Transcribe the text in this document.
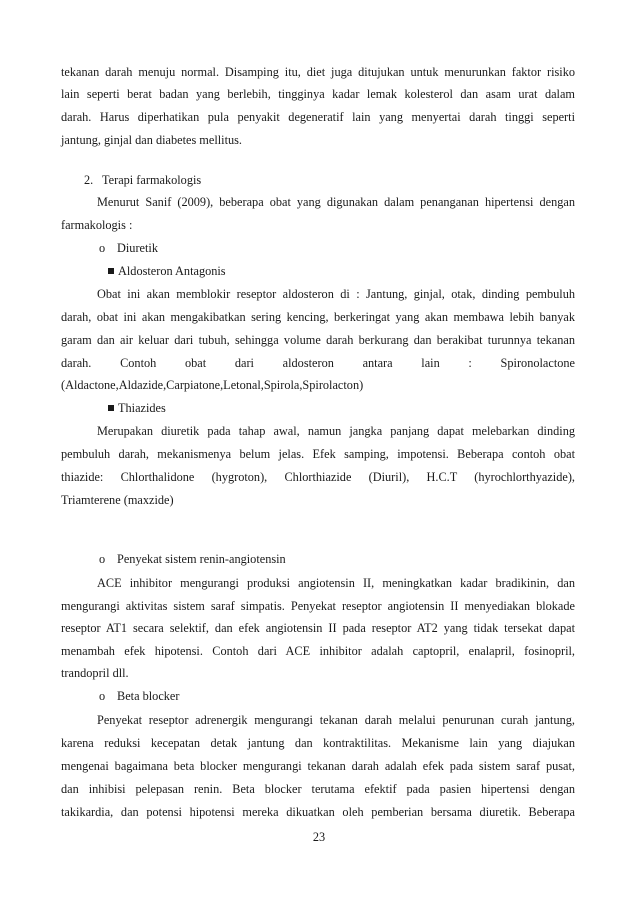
tekanan darah menuju normal. Disamping itu, diet juga ditujukan untuk menurunkan faktor risiko
lain seperti berat badan yang berlebih, tingginya kadar lemak kolesterol dan asam urat dalam
darah. Harus diperhatikan pula penyakit degeneratif lain yang menyertai darah tinggi seperti
jantung, ginjal dan diabetes mellitus.
2. Terapi farmakologis
Menurut Sanif (2009), beberapa obat yang digunakan dalam penanganan hipertensi dengan
farmakologis :
o Diuretik
Aldosteron Antagonis
Obat ini akan memblokir reseptor aldosteron di : Jantung, ginjal, otak, dinding pembuluh
darah, obat ini akan mengakibatkan sering kencing, berkeringat yang akan membawa lebih banyak
garam dan air keluar dari tubuh, sehingga volume darah berkurang dan berakibat turunnya tekanan
darah. Contoh obat dari aldosteron antara lain : Spironolactone
(Aldactone,Aldazide,Carpiatone,Letonal,Spirola,Spirolacton)
Thiazides
Merupakan diuretik pada tahap awal, namun jangka panjang dapat melebarkan dinding
pembuluh darah, mekanismenya belum jelas. Efek samping, impotensi. Beberapa contoh obat
thiazide: Chlorthalidone (hygroton), Chlorthiazide (Diuril), H.C.T (hyrochlorthyazide),
Triamterene (maxzide)
o Penyekat sistem renin-angiotensin
ACE inhibitor mengurangi produksi angiotensin II, meningkatkan kadar bradikinin, dan
mengurangi aktivitas sistem saraf simpatis. Penyekat reseptor angiotensin II menyediakan blokade
reseptor AT1 secara selektif, dan efek angiotensin II pada reseptor AT2 yang tidak tersekat dapat
menambah efek hipotensi. Contoh dari ACE inhibitor adalah captopril, enalapril, fosinopril,
trandopril dll.
o Beta blocker
Penyekat reseptor adrenergik mengurangi tekanan darah melalui penurunan curah jantung,
karena reduksi kecepatan detak jantung dan kontraktilitas. Mekanisme lain yang diajukan
mengenai bagaimana beta blocker mengurangi tekanan darah adalah efek pada sistem saraf pusat,
dan inhibisi pelepasan renin. Beta blocker terutama efektif pada pasien hipertensi dengan
takikardia, dan potensi hipotensi mereka dikuatkan oleh pemberian bersama diuretik. Beberapa
23
